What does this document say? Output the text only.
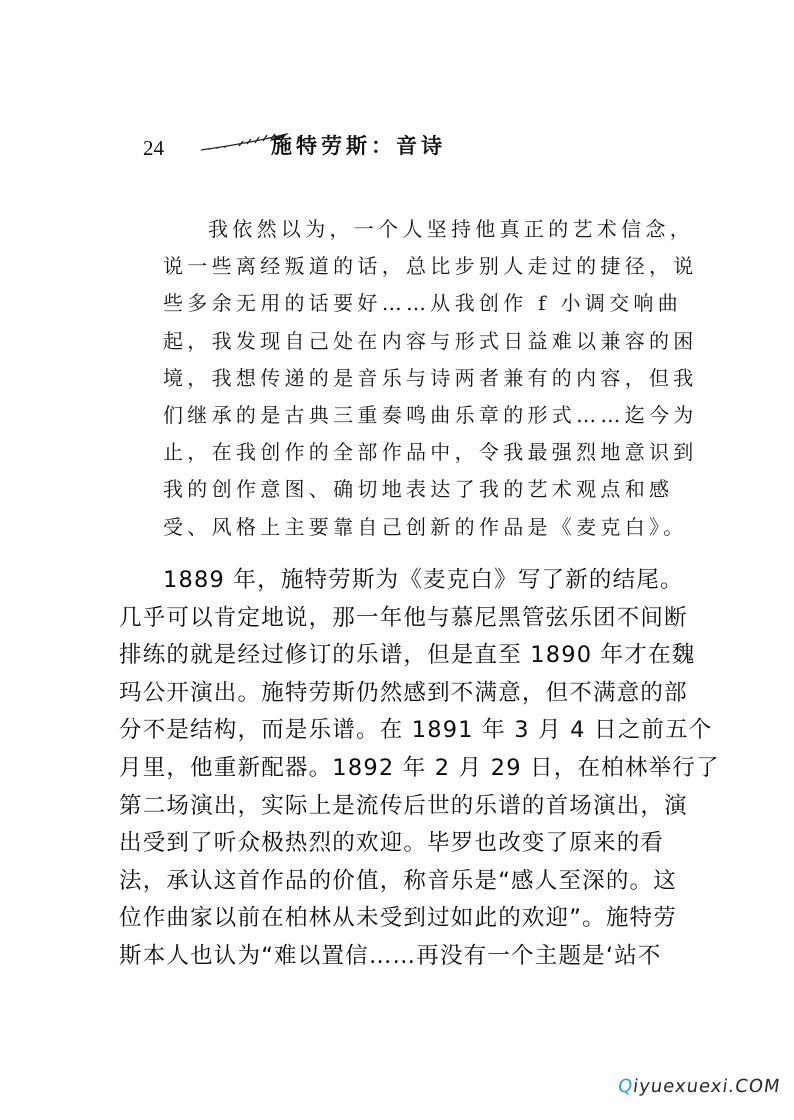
24	施特劳斯：音诗
我依然以为，一个人坚持他真正的艺术信念，
说一些离经叛道的话，总比步别人走过的捷径，说
些多余无用的话要好……从我创作 f 小调交响曲
起，我发现自己处在内容与形式日益难以兼容的困
境，我想传递的是音乐与诗两者兼有的内容，但我
们继承的是古典三重奏鸣曲乐章的形式……迄今为
止，在我创作的全部作品中，令我最强烈地意识到
我的创作意图、确切地表达了我的艺术观点和感
受、风格上主要靠自己创新的作品是《麦克白》。
1889 年，施特劳斯为《麦克白》写了新的结尾。
几乎可以肯定地说，那一年他与慕尼黑管弦乐团不间断
排练的就是经过修订的乐谱，但是直至 1890 年才在魏
玛公开演出。施特劳斯仍然感到不满意，但不满意的部
分不是结构，而是乐谱。在 1891 年 3 月 4 日之前五个
月里，他重新配器。1892 年 2 月 29 日，在柏林举行了
第二场演出，实际上是流传后世的乐谱的首场演出，演
出受到了听众极热烈的欢迎。毕罗也改变了原来的看
法，承认这首作品的价值，称音乐是“感人至深的。这
位作曲家以前在柏林从未受到过如此的欢迎”。施特劳
斯本人也认为“难以置信……再没有一个主题是‘站不
Qiyuexuexi.COM
